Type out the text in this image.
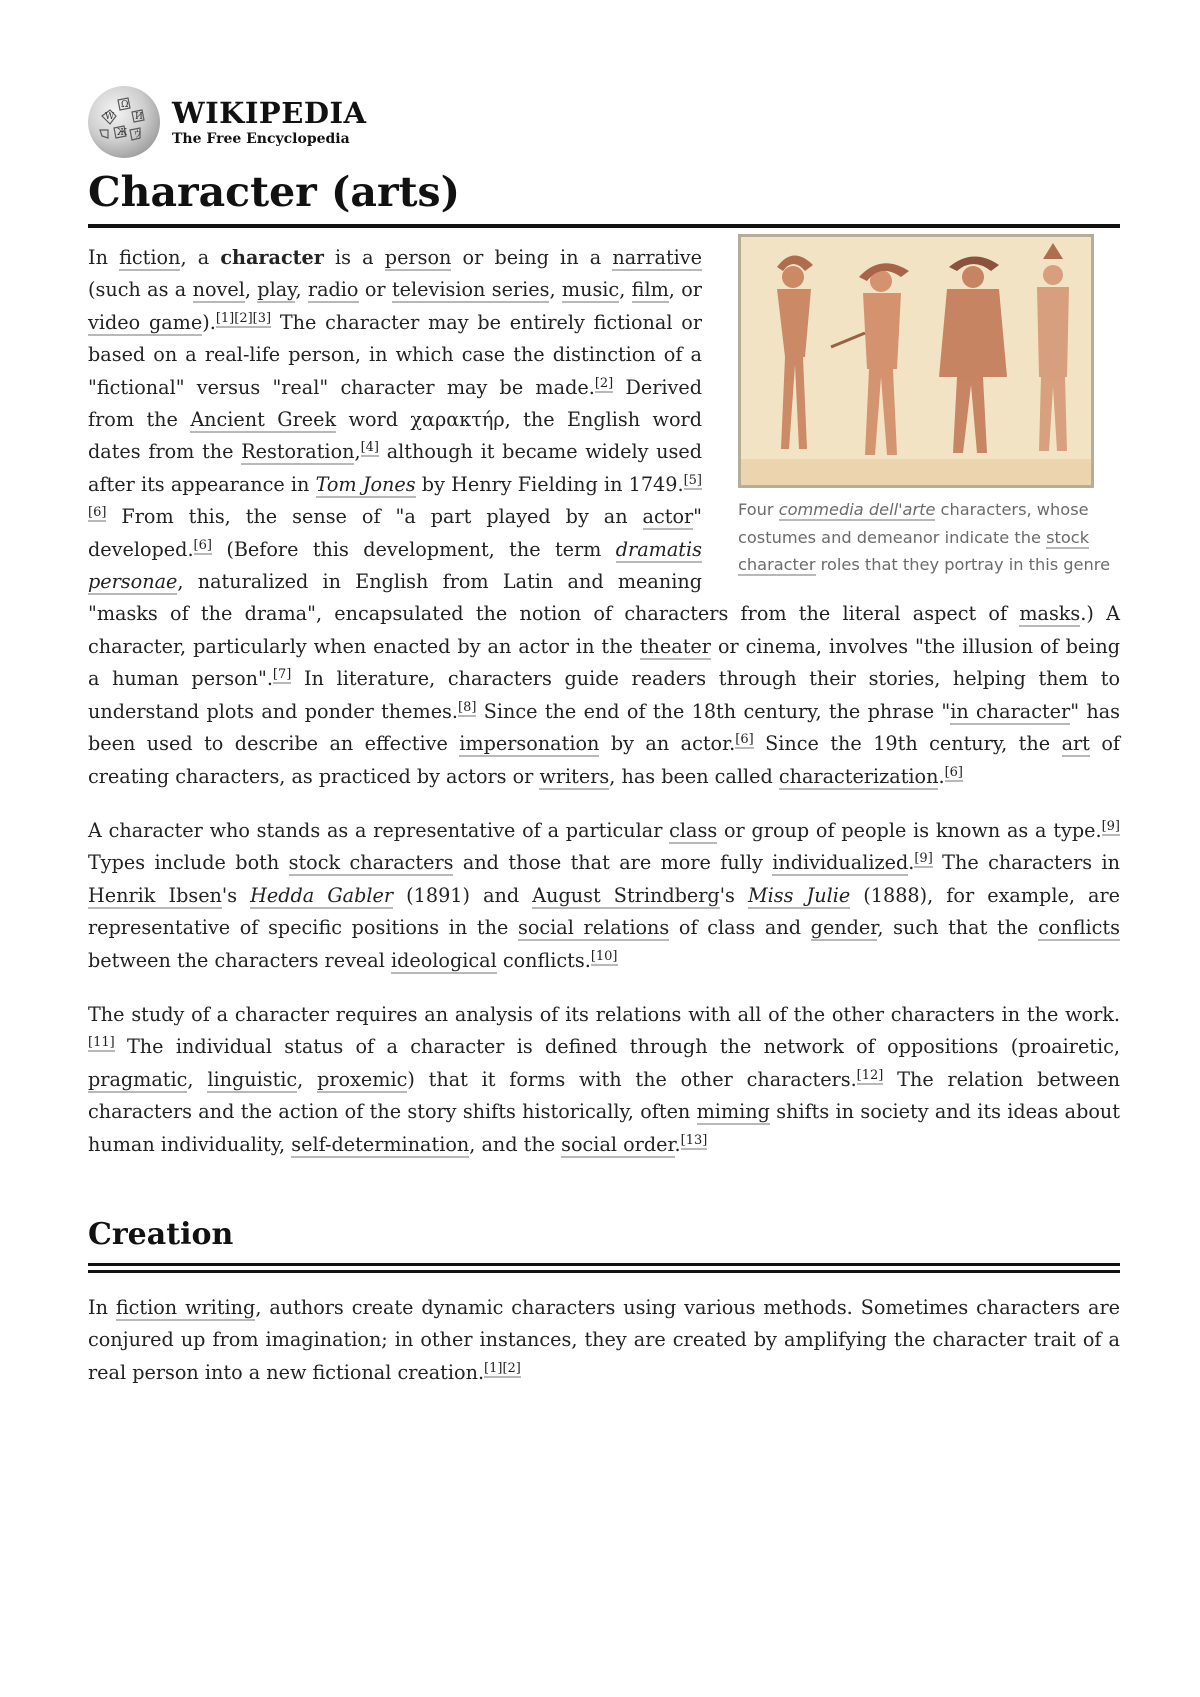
W
Ω
И
Ж ウ
WIKIPEDIA
The Free Encyclopedia
Character (arts)
Four commedia dell'arte characters, whose costumes and demeanor indicate the stock character roles that they portray in this genre

In fiction, a character is a person or being in a narrative (such as a novel, play, radio or television series, music, film, or video game).[1][2][3] The character may be entirely fictional or based on a real-life person, in which case the distinction of a "fictional" versus "real" character may be made.[2] Derived from the Ancient Greek word χαρακτήρ, the English word dates from the Restoration,[4] although it became widely used after its appearance in Tom Jones by Henry Fielding in 1749.[5][6] From this, the sense of "a part played by an actor" developed.[6] (Before this development, the term dramatis personae, naturalized in English from Latin and meaning "masks of the drama", encapsulated the notion of characters from the literal aspect of masks.) A character, particularly when enacted by an actor in the theater or cinema, involves "the illusion of being a human person".[7] In literature, characters guide readers through their stories, helping them to understand plots and ponder themes.[8] Since the end of the 18th century, the phrase "in character" has been used to describe an effective impersonation by an actor.[6] Since the 19th century, the art of creating characters, as practiced by actors or writers, has been called characterization.[6]

A character who stands as a representative of a particular class or group of people is known as a type.[9] Types include both stock characters and those that are more fully individualized.[9] The characters in Henrik Ibsen's Hedda Gabler (1891) and August Strindberg's Miss Julie (1888), for example, are representative of specific positions in the social relations of class and gender, such that the conflicts between the characters reveal ideological conflicts.[10]

The study of a character requires an analysis of its relations with all of the other characters in the work.[11] The individual status of a character is defined through the network of oppositions (proairetic, pragmatic, linguistic, proxemic) that it forms with the other characters.[12] The relation between characters and the action of the story shifts historically, often miming shifts in society and its ideas about human individuality, self-determination, and the social order.[13]

Creation

In fiction writing, authors create dynamic characters using various methods. Sometimes characters are conjured up from imagination; in other instances, they are created by amplifying the character trait of a real person into a new fictional creation.[1][2]
